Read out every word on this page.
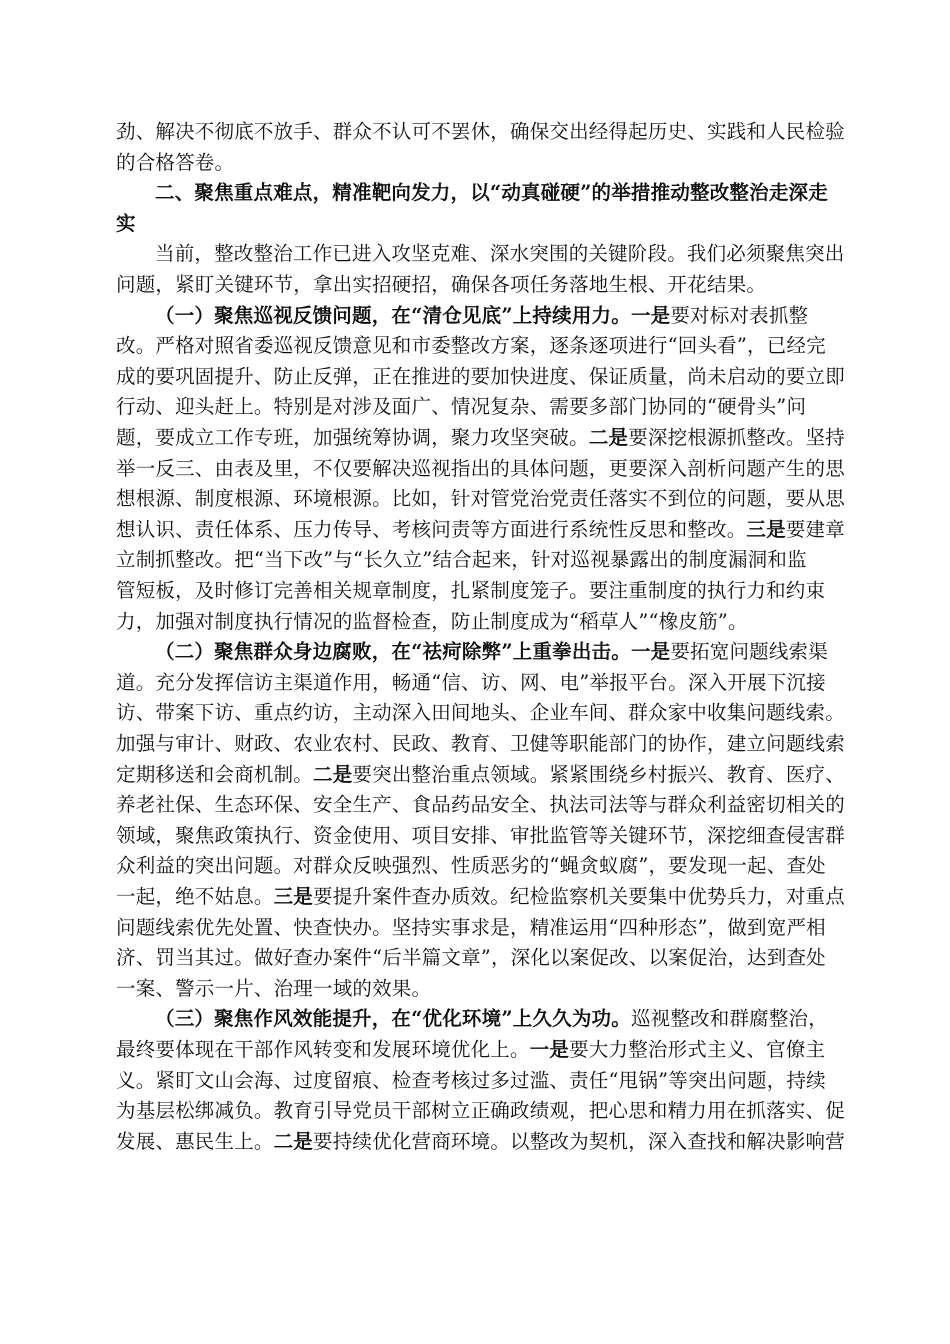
劲、解决不彻底不放手、群众不认可不罢休，确保交出经得起历史、实践和人民检验
的合格答卷。
二、聚焦重点难点，精准靶向发力，以“动真碰硬”的举措推动整改整治走深走
实
当前，整改整治工作已进入攻坚克难、深水突围的关键阶段。我们必须聚焦突出
问题，紧盯关键环节，拿出实招硬招，确保各项任务落地生根、开花结果。
（一）聚焦巡视反馈问题，在“清仓见底”上持续用力。一是要对标对表抓整
改。严格对照省委巡视反馈意见和市委整改方案，逐条逐项进行“回头看”，已经完
成的要巩固提升、防止反弹，正在推进的要加快进度、保证质量，尚未启动的要立即
行动、迎头赶上。特别是对涉及面广、情况复杂、需要多部门协同的“硬骨头”问
题，要成立工作专班，加强统筹协调，聚力攻坚突破。二是要深挖根源抓整改。坚持
举一反三、由表及里，不仅要解决巡视指出的具体问题，更要深入剖析问题产生的思
想根源、制度根源、环境根源。比如，针对管党治党责任落实不到位的问题，要从思
想认识、责任体系、压力传导、考核问责等方面进行系统性反思和整改。三是要建章
立制抓整改。把“当下改”与“长久立”结合起来，针对巡视暴露出的制度漏洞和监
管短板，及时修订完善相关规章制度，扎紧制度笼子。要注重制度的执行力和约束
力，加强对制度执行情况的监督检查，防止制度成为“稻草人”“橡皮筋”。
（二）聚焦群众身边腐败，在“祛疴除弊”上重拳出击。一是要拓宽问题线索渠
道。充分发挥信访主渠道作用，畅通“信、访、网、电”举报平台。深入开展下沉接
访、带案下访、重点约访，主动深入田间地头、企业车间、群众家中收集问题线索。
加强与审计、财政、农业农村、民政、教育、卫健等职能部门的协作，建立问题线索
定期移送和会商机制。二是要突出整治重点领域。紧紧围绕乡村振兴、教育、医疗、
养老社保、生态环保、安全生产、食品药品安全、执法司法等与群众利益密切相关的
领域，聚焦政策执行、资金使用、项目安排、审批监管等关键环节，深挖细查侵害群
众利益的突出问题。对群众反映强烈、性质恶劣的“蝇贪蚁腐”，要发现一起、查处
一起，绝不姑息。三是要提升案件查办质效。纪检监察机关要集中优势兵力，对重点
问题线索优先处置、快查快办。坚持实事求是，精准运用“四种形态”，做到宽严相
济、罚当其过。做好查办案件“后半篇文章”，深化以案促改、以案促治，达到查处
一案、警示一片、治理一域的效果。
（三）聚焦作风效能提升，在“优化环境”上久久为功。巡视整改和群腐整治，
最终要体现在干部作风转变和发展环境优化上。一是要大力整治形式主义、官僚主
义。紧盯文山会海、过度留痕、检查考核过多过滥、责任“甩锅”等突出问题，持续
为基层松绑减负。教育引导党员干部树立正确政绩观，把心思和精力用在抓落实、促
发展、惠民生上。二是要持续优化营商环境。以整改为契机，深入查找和解决影响营
